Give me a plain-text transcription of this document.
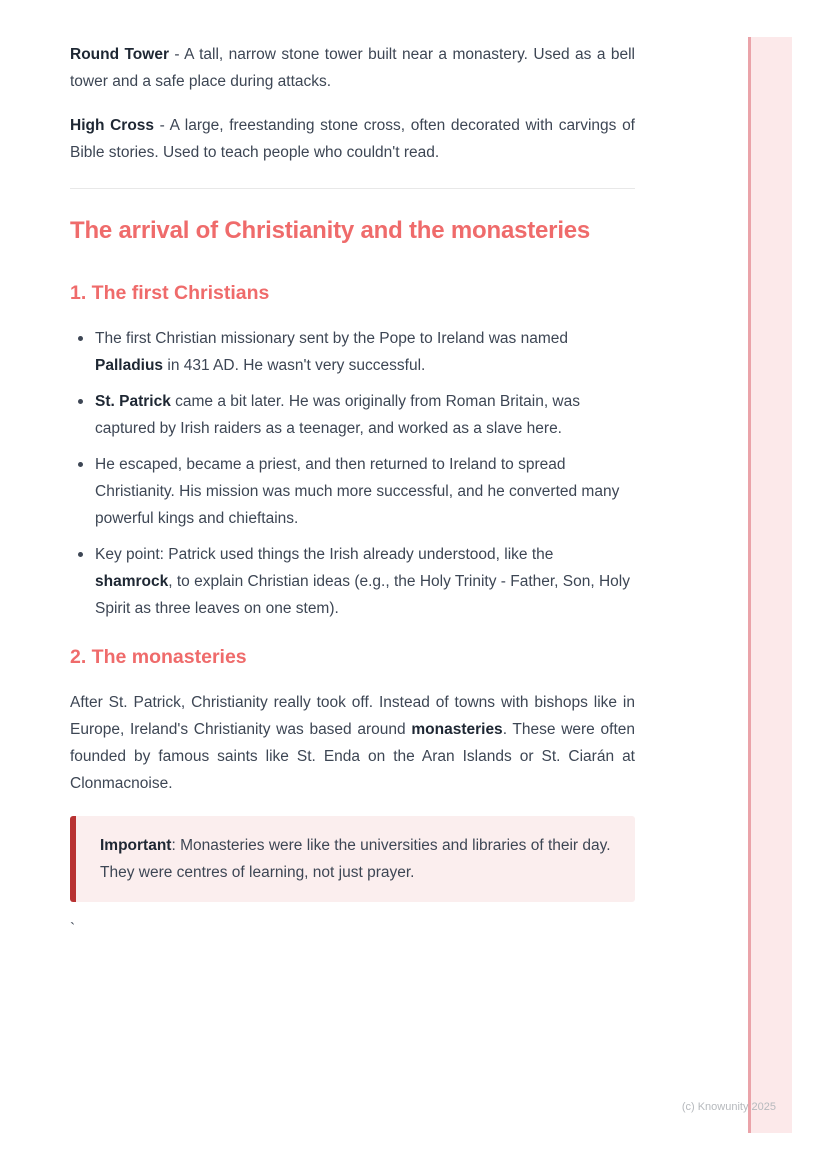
Round Tower - A tall, narrow stone tower built near a monastery. Used as a bell tower and a safe place during attacks.

High Cross - A large, freestanding stone cross, often decorated with carvings of Bible stories. Used to teach people who couldn't read.

The arrival of Christianity and the monasteries
1. The first Christians
The first Christian missionary sent by the Pope to Ireland was named Palladius in 431 AD. He wasn't very successful.
St. Patrick came a bit later. He was originally from Roman Britain, was captured by Irish raiders as a teenager, and worked as a slave here.
He escaped, became a priest, and then returned to Ireland to spread Christianity. His mission was much more successful, and he converted many powerful kings and chieftains.
Key point: Patrick used things the Irish already understood, like the shamrock, to explain Christian ideas (e.g., the Holy Trinity - Father, Son, Holy Spirit as three leaves on one stem).
2. The monasteries

After St. Patrick, Christianity really took off. Instead of towns with bishops like in Europe, Ireland's Christianity was based around monasteries. These were often founded by famous saints like St. Enda on the Aran Islands or St. Ciarán at Clonmacnoise.

Important: Monasteries were like the universities and libraries of their day. They were centres of learning, not just prayer.

`
(c) Knowunity 2025
